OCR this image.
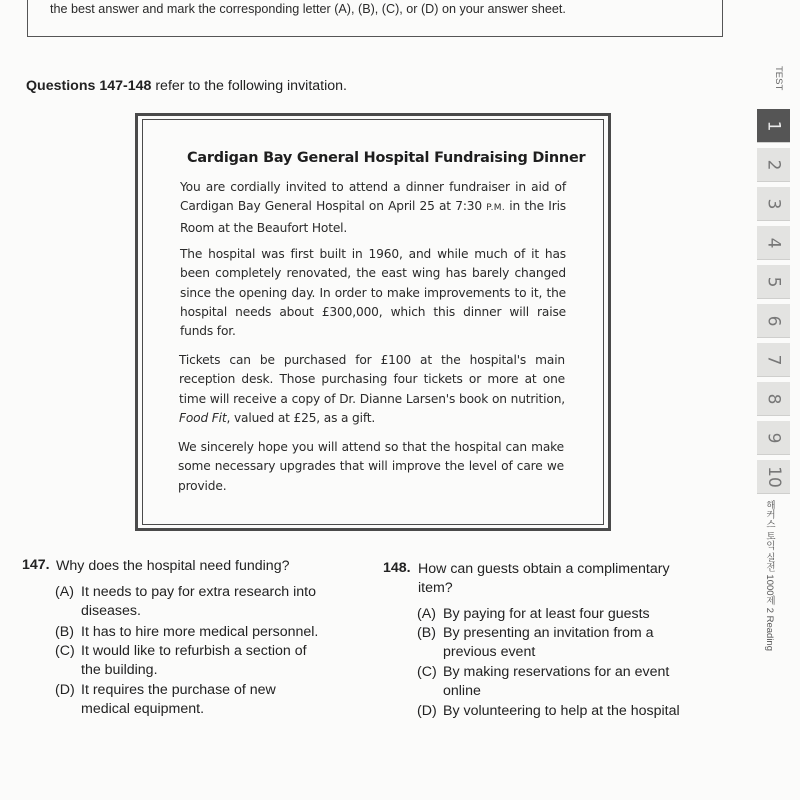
the best answer and mark the corresponding letter (A), (B), (C), or (D) on your answer sheet.
Questions 147-148 refer to the following invitation.
Cardigan Bay General Hospital Fundraising Dinner
You are cordially invited to attend a dinner fundraiser in aid of Cardigan Bay General Hospital on April 25 at 7:30 P.M. in the Iris Room at the Beaufort Hotel.
The hospital was first built in 1960, and while much of it has been completely renovated, the east wing has barely changed since the opening day. In order to make improvements to it, the hospital needs about £300,000, which this dinner will raise funds for.
Tickets can be purchased for £100 at the hospital's main reception desk. Those purchasing four tickets or more at one time will receive a copy of Dr. Dianne Larsen's book on nutrition, Food Fit, valued at £25, as a gift.
We sincerely hope you will attend so that the hospital can make some necessary upgrades that will improve the level of care we provide.
147. Why does the hospital need funding?
(A) It needs to pay for extra research into
diseases.
(B) It has to hire more medical personnel.
(C) It would like to refurbish a section of
the building.
(D) It requires the purchase of new
medical equipment.
148. How can guests obtain a complimentary
item?
(A) By paying for at least four guests
(B) By presenting an invitation from a
previous event
(C) By making reservations for an event
online
(D) By volunteering to help at the hospital
TEST
1
2
3
4
5
6
7
8
9
10
해커스 토익 실전 1000제 2 Reading
